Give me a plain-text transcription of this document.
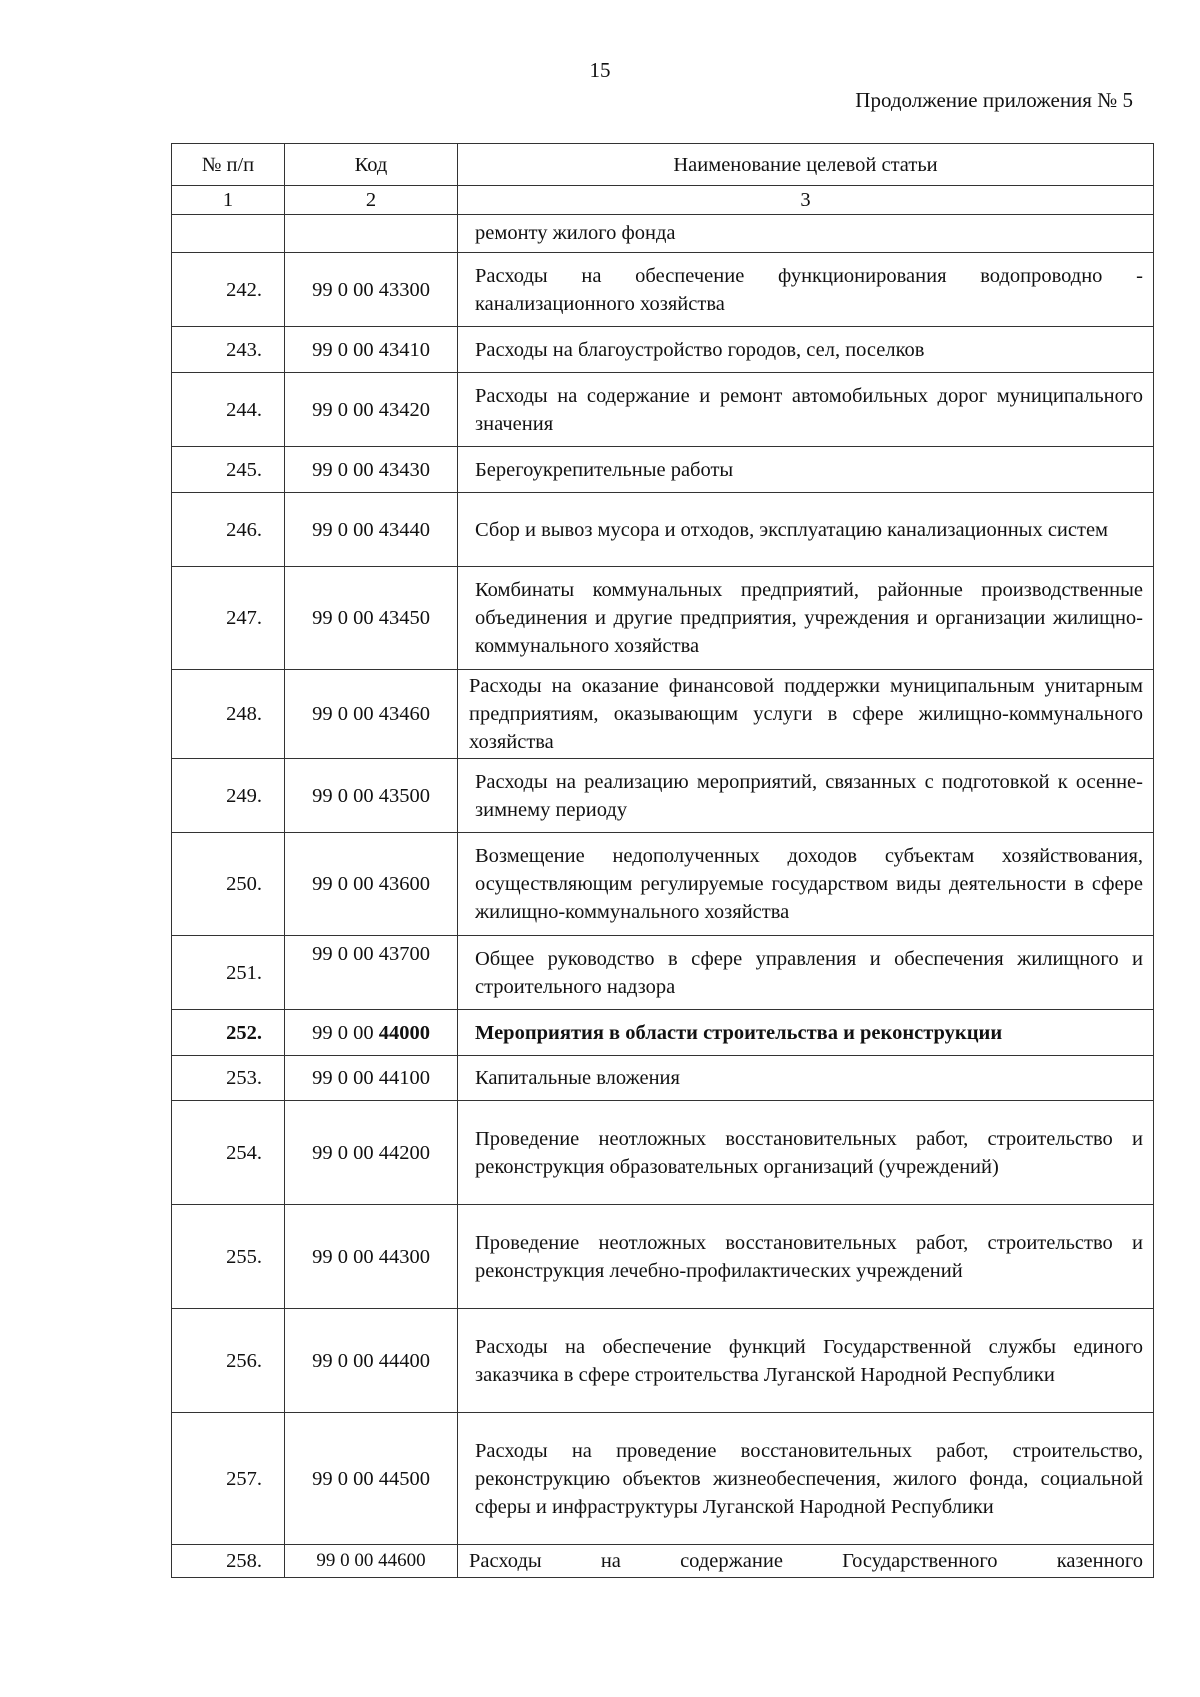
15
Продолжение приложения № 5
№ п/п	Код	Наименование целевой статьи
1	2	3
		ремонту жилого фонда
242.	99 0 00 43300	Расходы на обеспечение функционирования водопроводно - канализационного хозяйства
243.	99 0 00 43410	Расходы на благоустройство городов, сел, поселков
244.	99 0 00 43420	Расходы на содержание и ремонт автомобильных дорог муниципального значения
245.	99 0 00 43430	Берегоукрепительные работы
246.	99 0 00 43440	Сбор и вывоз мусора и отходов, эксплуатацию канализационных систем
247.	99 0 00 43450	Комбинаты коммунальных предприятий, районные производственные объединения и другие предприятия, учреждения и организации жилищно-коммунального хозяйства
248.	99 0 00 43460	Расходы на оказание финансовой поддержки муниципальным унитарным предприятиям, оказывающим услуги в сфере жилищно-коммунального хозяйства
249.	99 0 00 43500	Расходы на реализацию мероприятий, связанных с подготовкой к осенне-зимнему периоду
250.	99 0 00 43600	Возмещение недополученных доходов субъектам хозяйствования, осуществляющим регулируемые государством виды деятельности в сфере жилищно-коммунального хозяйства
251.	99 0 00 43700	Общее руководство в сфере управления и обеспечения жилищного и строительного надзора
252.	99 0 00 44000	Мероприятия в области строительства и реконструкции
253.	99 0 00 44100	Капитальные вложения
254.	99 0 00 44200	Проведение неотложных восстановительных работ, строительство и реконструкция образовательных организаций (учреждений)
255.	99 0 00 44300	Проведение неотложных восстановительных работ, строительство и реконструкция лечебно-профилактических учреждений
256.	99 0 00 44400	Расходы на обеспечение функций Государственной службы единого заказчика в сфере строительства Луганской Народной Республики
257.	99 0 00 44500	Расходы на проведение восстановительных работ, строительство, реконструкцию объектов жизнеобеспечения, жилого фонда, социальной сферы и инфраструктуры Луганской Народной Республики
258.	99 0 00 44600	Расходы на содержание Государственного казенного
